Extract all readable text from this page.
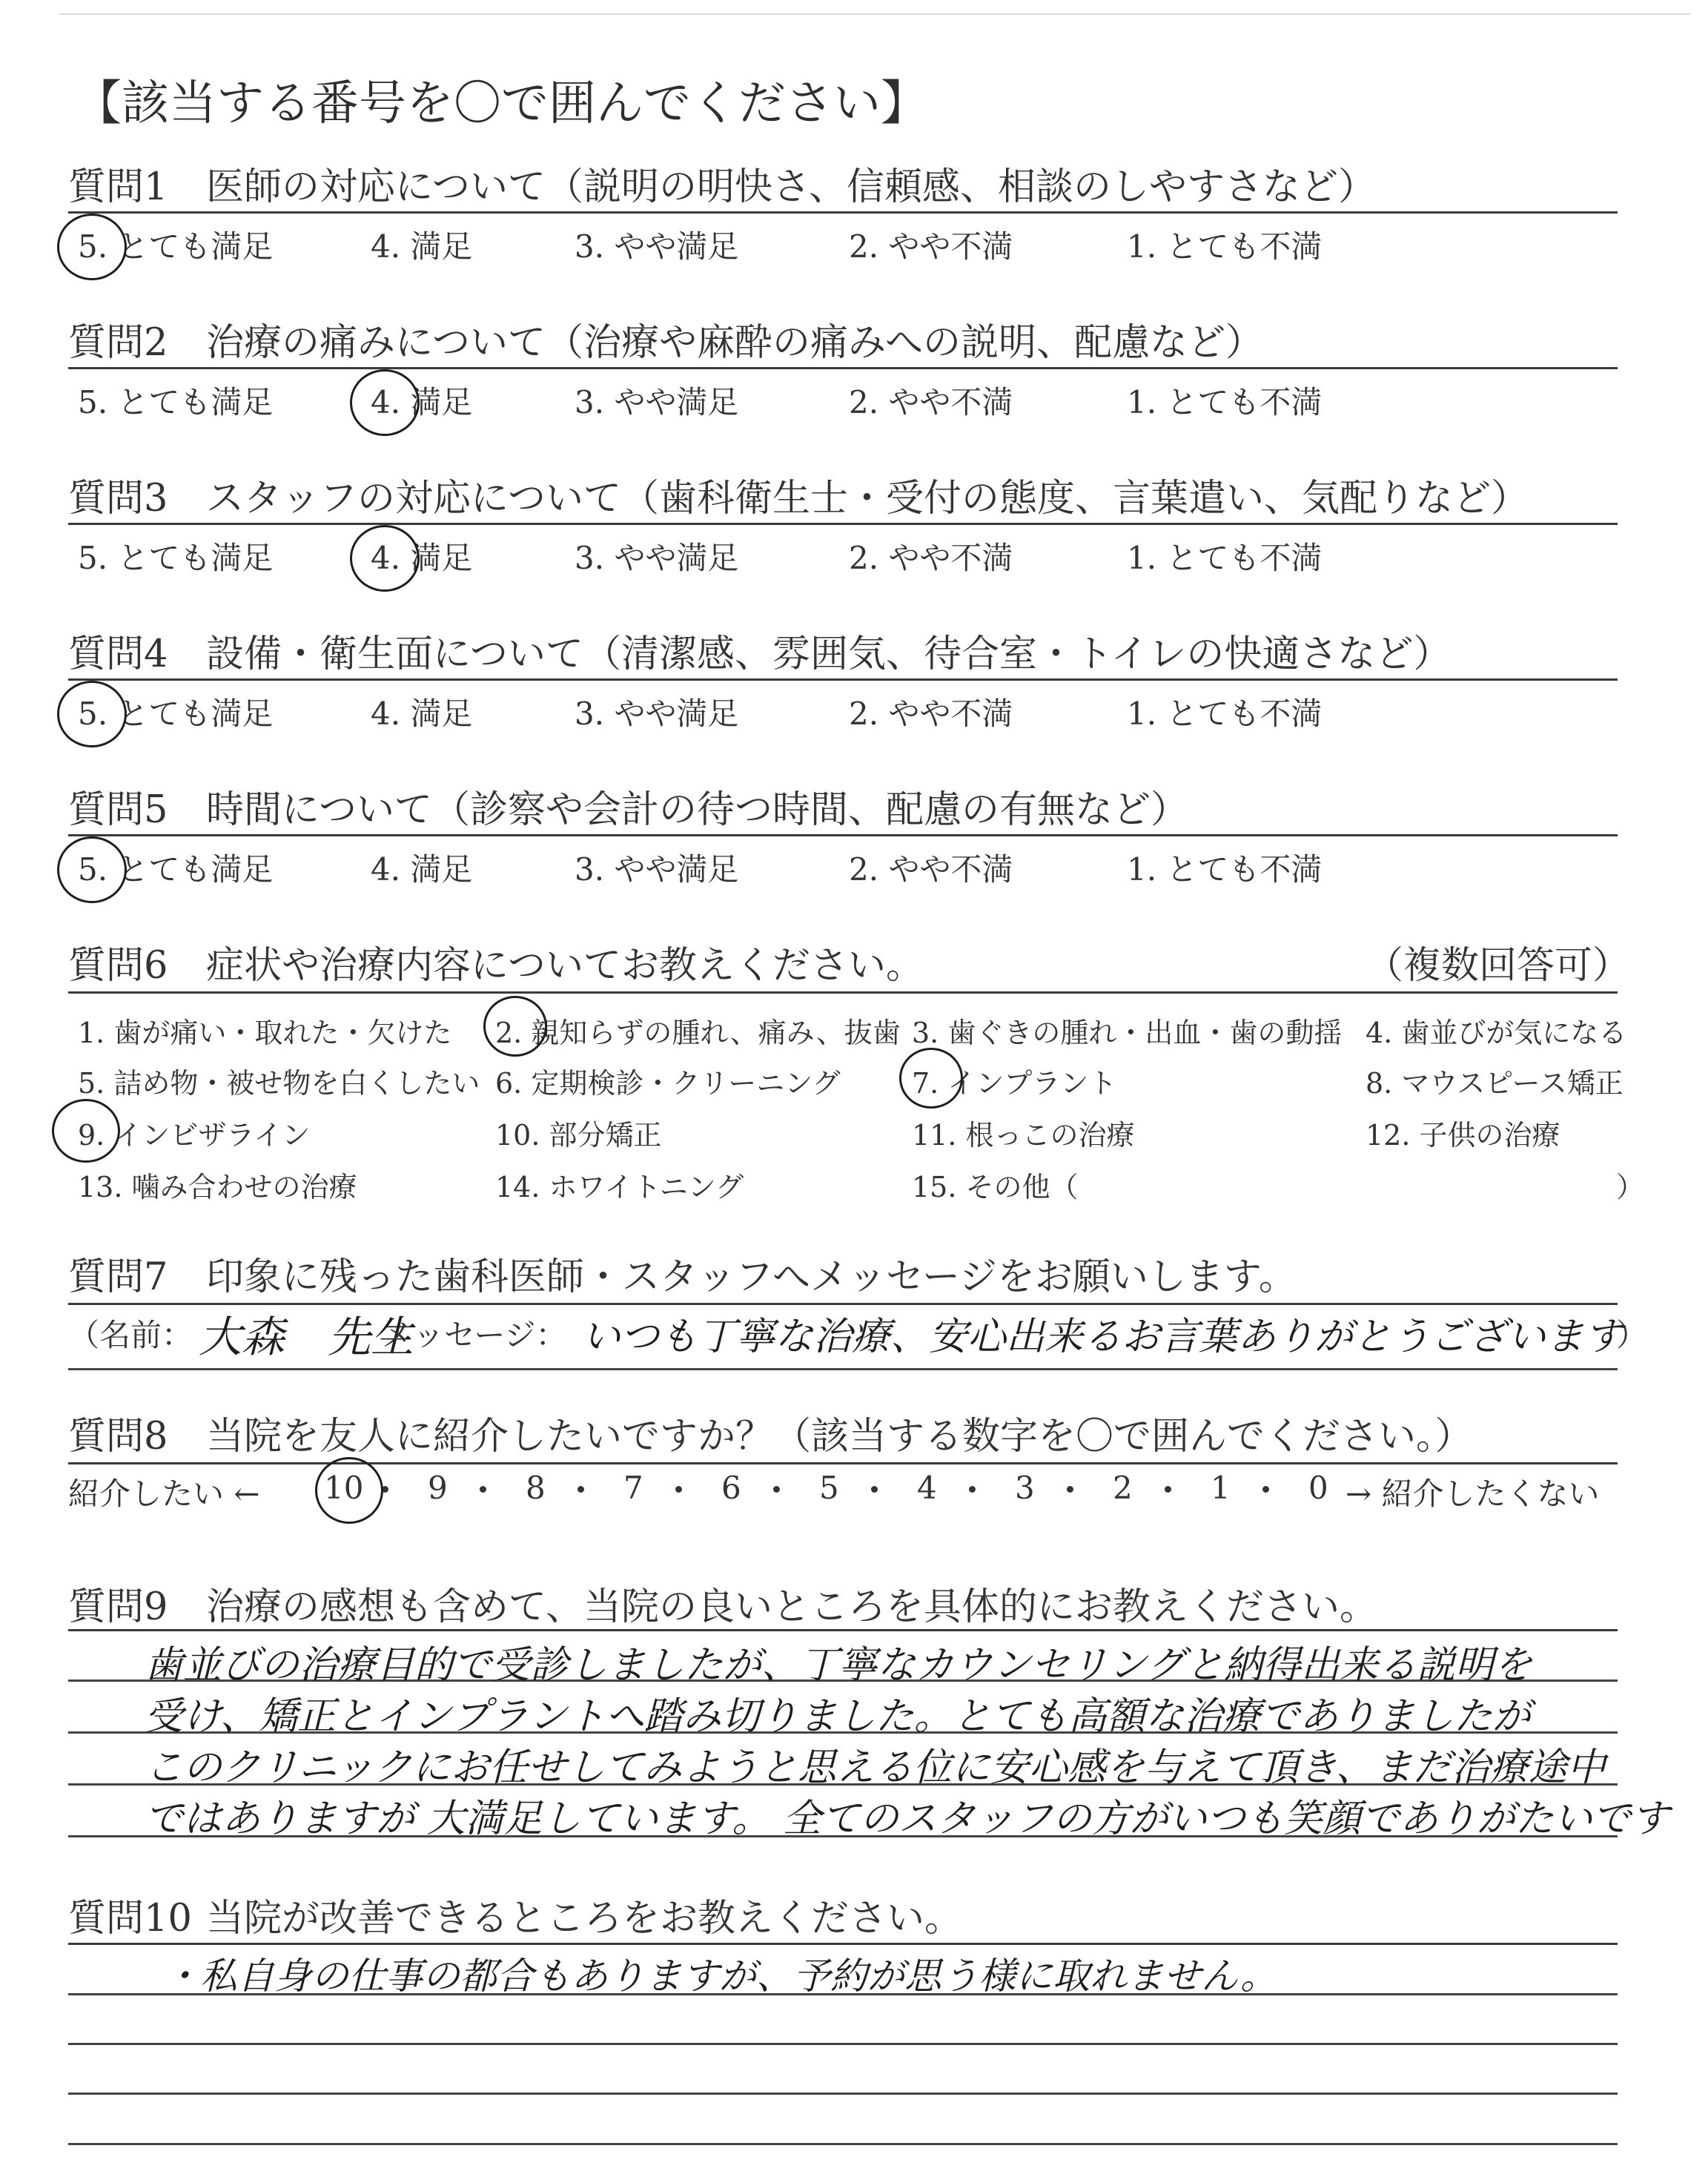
【該当する番号を〇で囲んでください】
質問1 医師の対応について（説明の明快さ、信頼感、相談のしやすさなど）
5. とても満足	4. 満足	3. やや満足	2. やや不満	1. とても不満
質問2 治療の痛みについて（治療や麻酔の痛みへの説明、配慮など）
5. とても満足	4. 満足	3. やや満足	2. やや不満	1. とても不満
質問3 スタッフの対応について（歯科衛生士・受付の態度、言葉遣い、気配りなど）
5. とても満足	4. 満足	3. やや満足	2. やや不満	1. とても不満
質問4 設備・衛生面について（清潔感、雰囲気、待合室・トイレの快適さなど）
5. とても満足	4. 満足	3. やや満足	2. やや不満	1. とても不満
質問5 時間について（診察や会計の待つ時間、配慮の有無など）
5. とても満足	4. 満足	3. やや満足	2. やや不満	1. とても不満
質問6 症状や治療内容についてお教えください。	（複数回答可）
1. 歯が痛い・取れた・欠けた 2. 親知らずの腫れ、痛み、抜歯 3. 歯ぐきの腫れ・出血・歯の動揺 4. 歯並びが気になる
5. 詰め物・被せ物を白くしたい 6. 定期検診・クリーニング	7. インプラント	8. マウスピース矯正
9. インビザライン	10. 部分矯正	11. 根っこの治療	12. 子供の治療
13. 噛み合わせの治療	14. ホワイトニング	15. その他（	）
質問7 印象に残った歯科医師・スタッフへメッセージをお願いします。
（名前： 大森　先生
メッセージ： いつも丁寧な治療、安心出来るお言葉ありがとうございます
）
質問8 当院を友人に紹介したいですか？（該当する数字を〇で囲んでください。）
紹介したい ← 10 9	8	7	6	5	4	3	2	1	0 → 紹介したくない
質問9 治療の感想も含めて、当院の良いところを具体的にお教えください。
歯並びの治療目的で受診しましたが、丁寧なカウンセリングと納得出来る説明を
受け、矯正とインプラントへ踏み切りました。とても高額な治療でありましたが
このクリニックにお任せしてみようと思える位に安心感を与えて頂き、まだ治療途中
ではありますが 大満足しています。 全てのスタッフの方がいつも笑顔でありがたいです
質問10 当院が改善できるところをお教えください。
・私自身の仕事の都合もありますが、予約が思う様に取れません。
